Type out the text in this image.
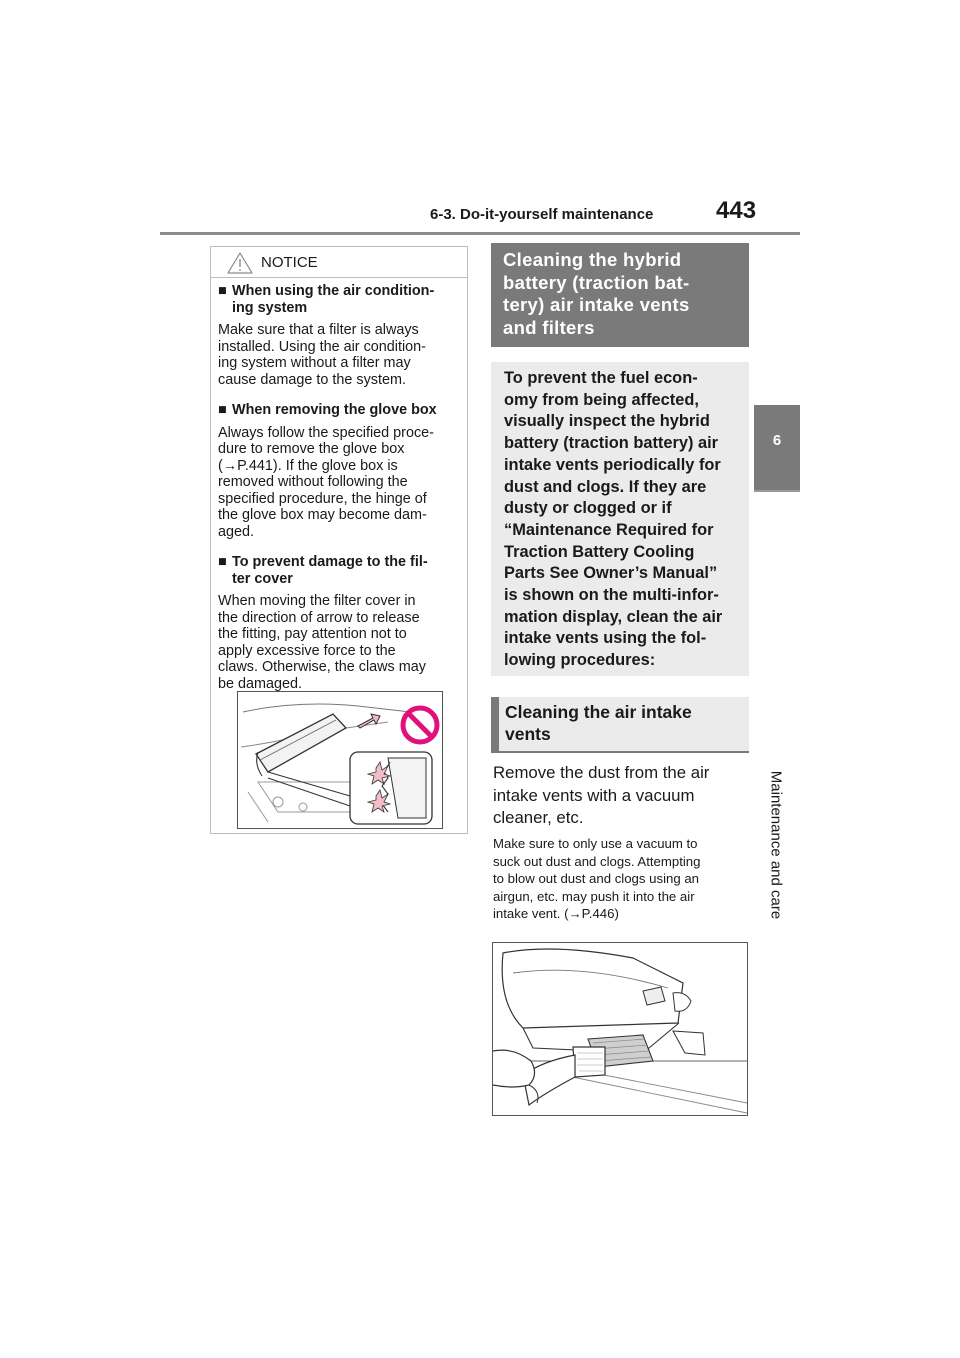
6-3. Do-it-yourself maintenance	443
6
Maintenance and care
NOTICE
■ When using the air condition-
ing system
Make sure that a filter is always
installed. Using the air condition-
ing system without a filter may
cause damage to the system.
■ When removing the glove box
Always follow the specified proce-
dure to remove the glove box
(→P.441). If the glove box is
removed without following the
specified procedure, the hinge of
the glove box may become dam-
aged.
■ To prevent damage to the fil-
ter cover
When moving the filter cover in
the direction of arrow to release
the fitting, pay attention not to
apply excessive force to the
claws. Otherwise, the claws may
be damaged.
Cleaning the hybrid
battery (traction bat-
tery) air intake vents
and filters
To prevent the fuel econ-
omy from being affected,
visually inspect the hybrid
battery (traction battery) air
intake vents periodically for
dust and clogs. If they are
dusty or clogged or if
“Maintenance Required for
Traction Battery Cooling
Parts See Owner’s Manual”
is shown on the multi-infor-
mation display, clean the air
intake vents using the fol-
lowing procedures:
Cleaning the air intake
vents
Remove the dust from the air
intake vents with a vacuum
cleaner, etc.
Make sure to only use a vacuum to
suck out dust and clogs. Attempting
to blow out dust and clogs using an
airgun, etc. may push it into the air
intake vent. (→P.446)
